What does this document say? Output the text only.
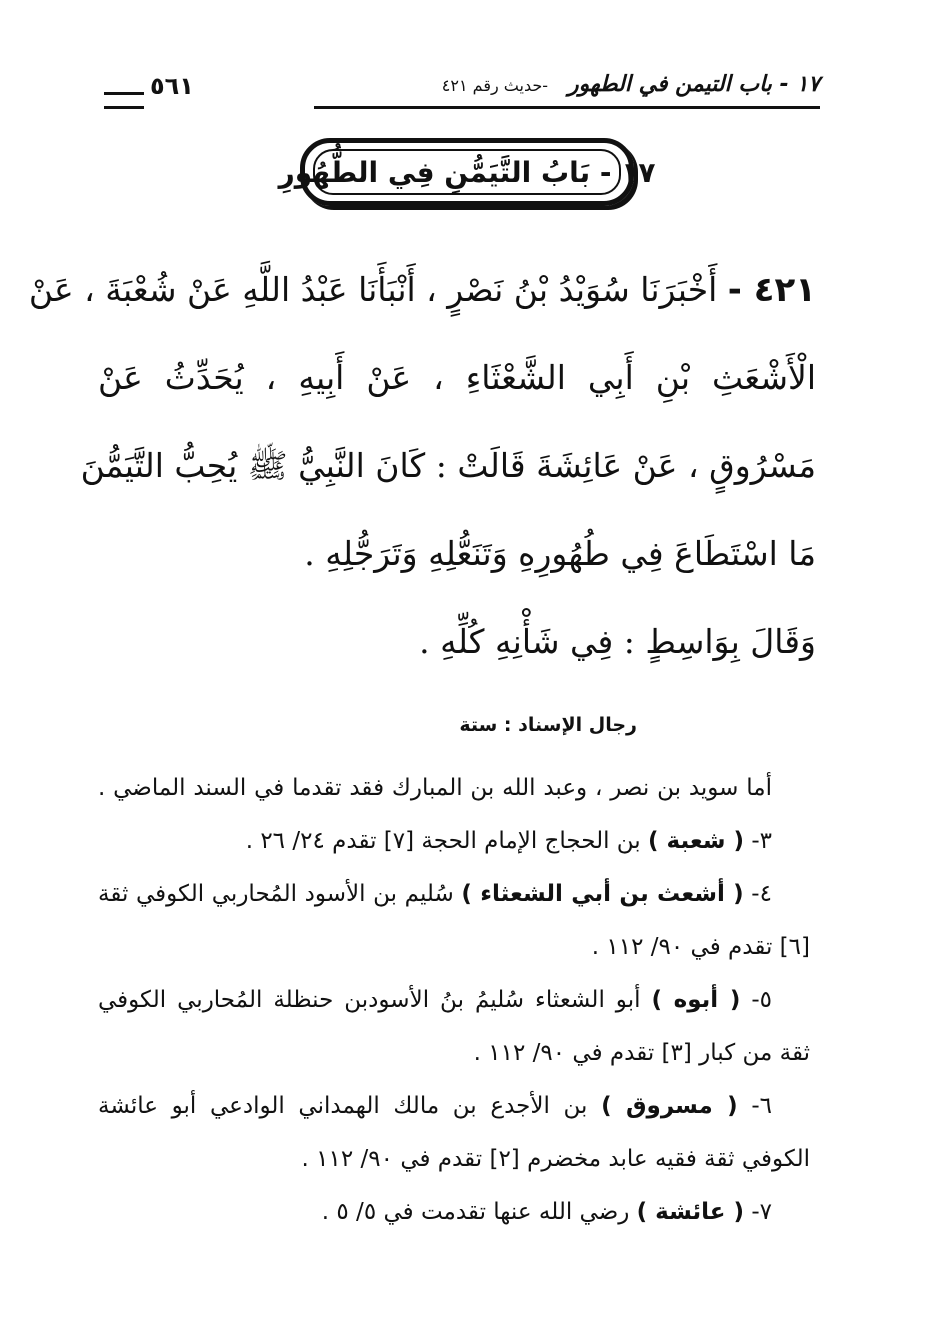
١٧ - باب التيمن في الطهور
-حديث رقم ٤٢١
٥٦١
١٧ - بَابُ التَّيَمُّنِ فِي الطُّهُورِ
٤٢١ - أَخْبَرَنَا سُوَيْدُ بْنُ نَصْرٍ ، أَنْبَأَنَا عَبْدُ اللَّهِ عَنْ شُعْبَةَ ، عَنْ
الْأَشْعَثِ بْنِ أَبِي الشَّعْثَاءِ ، عَنْ أَبِيهِ ، يُحَدِّثُ عَنْ
مَسْرُوقٍ ، عَنْ عَائِشَةَ قَالَتْ : كَانَ النَّبِيُّ ﷺ يُحِبُّ التَّيَمُّنَ
مَا اسْتَطَاعَ فِي طُهُورِهِ وَتَنَعُّلِهِ وَتَرَجُّلِهِ .
وَقَالَ بِوَاسِطٍ : فِي شَأْنِهِ كُلِّهِ .
رجال الإسناد : ستة
أما سويد بن نصر ، وعبد الله بن المبارك فقد تقدما في السند الماضي .
٣- ( شعبة ) بن الحجاج الإمام الحجة [٧] تقدم ٢٤/ ٢٦ .
٤- ( أشعث بن أبي الشعثاء ) سُليم بن الأسود المُحاربي الكوفي ثقة
[٦] تقدم في ٩٠/ ١١٢ .
٥- ( أبوه ) أبو الشعثاء سُليمُ بنُ الأسودبن حنظلة المُحاربي الكوفي
ثقة من كبار [٣] تقدم في ٩٠/ ١١٢ .
٦- ( مسروق ) بن الأجدع بن مالك الهمداني الوادعي أبو عائشة
الكوفي ثقة فقيه عابد مخضرم [٢] تقدم في ٩٠/ ١١٢ .
٧- ( عائشة ) رضي الله عنها تقدمت في ٥/ ٥ .
